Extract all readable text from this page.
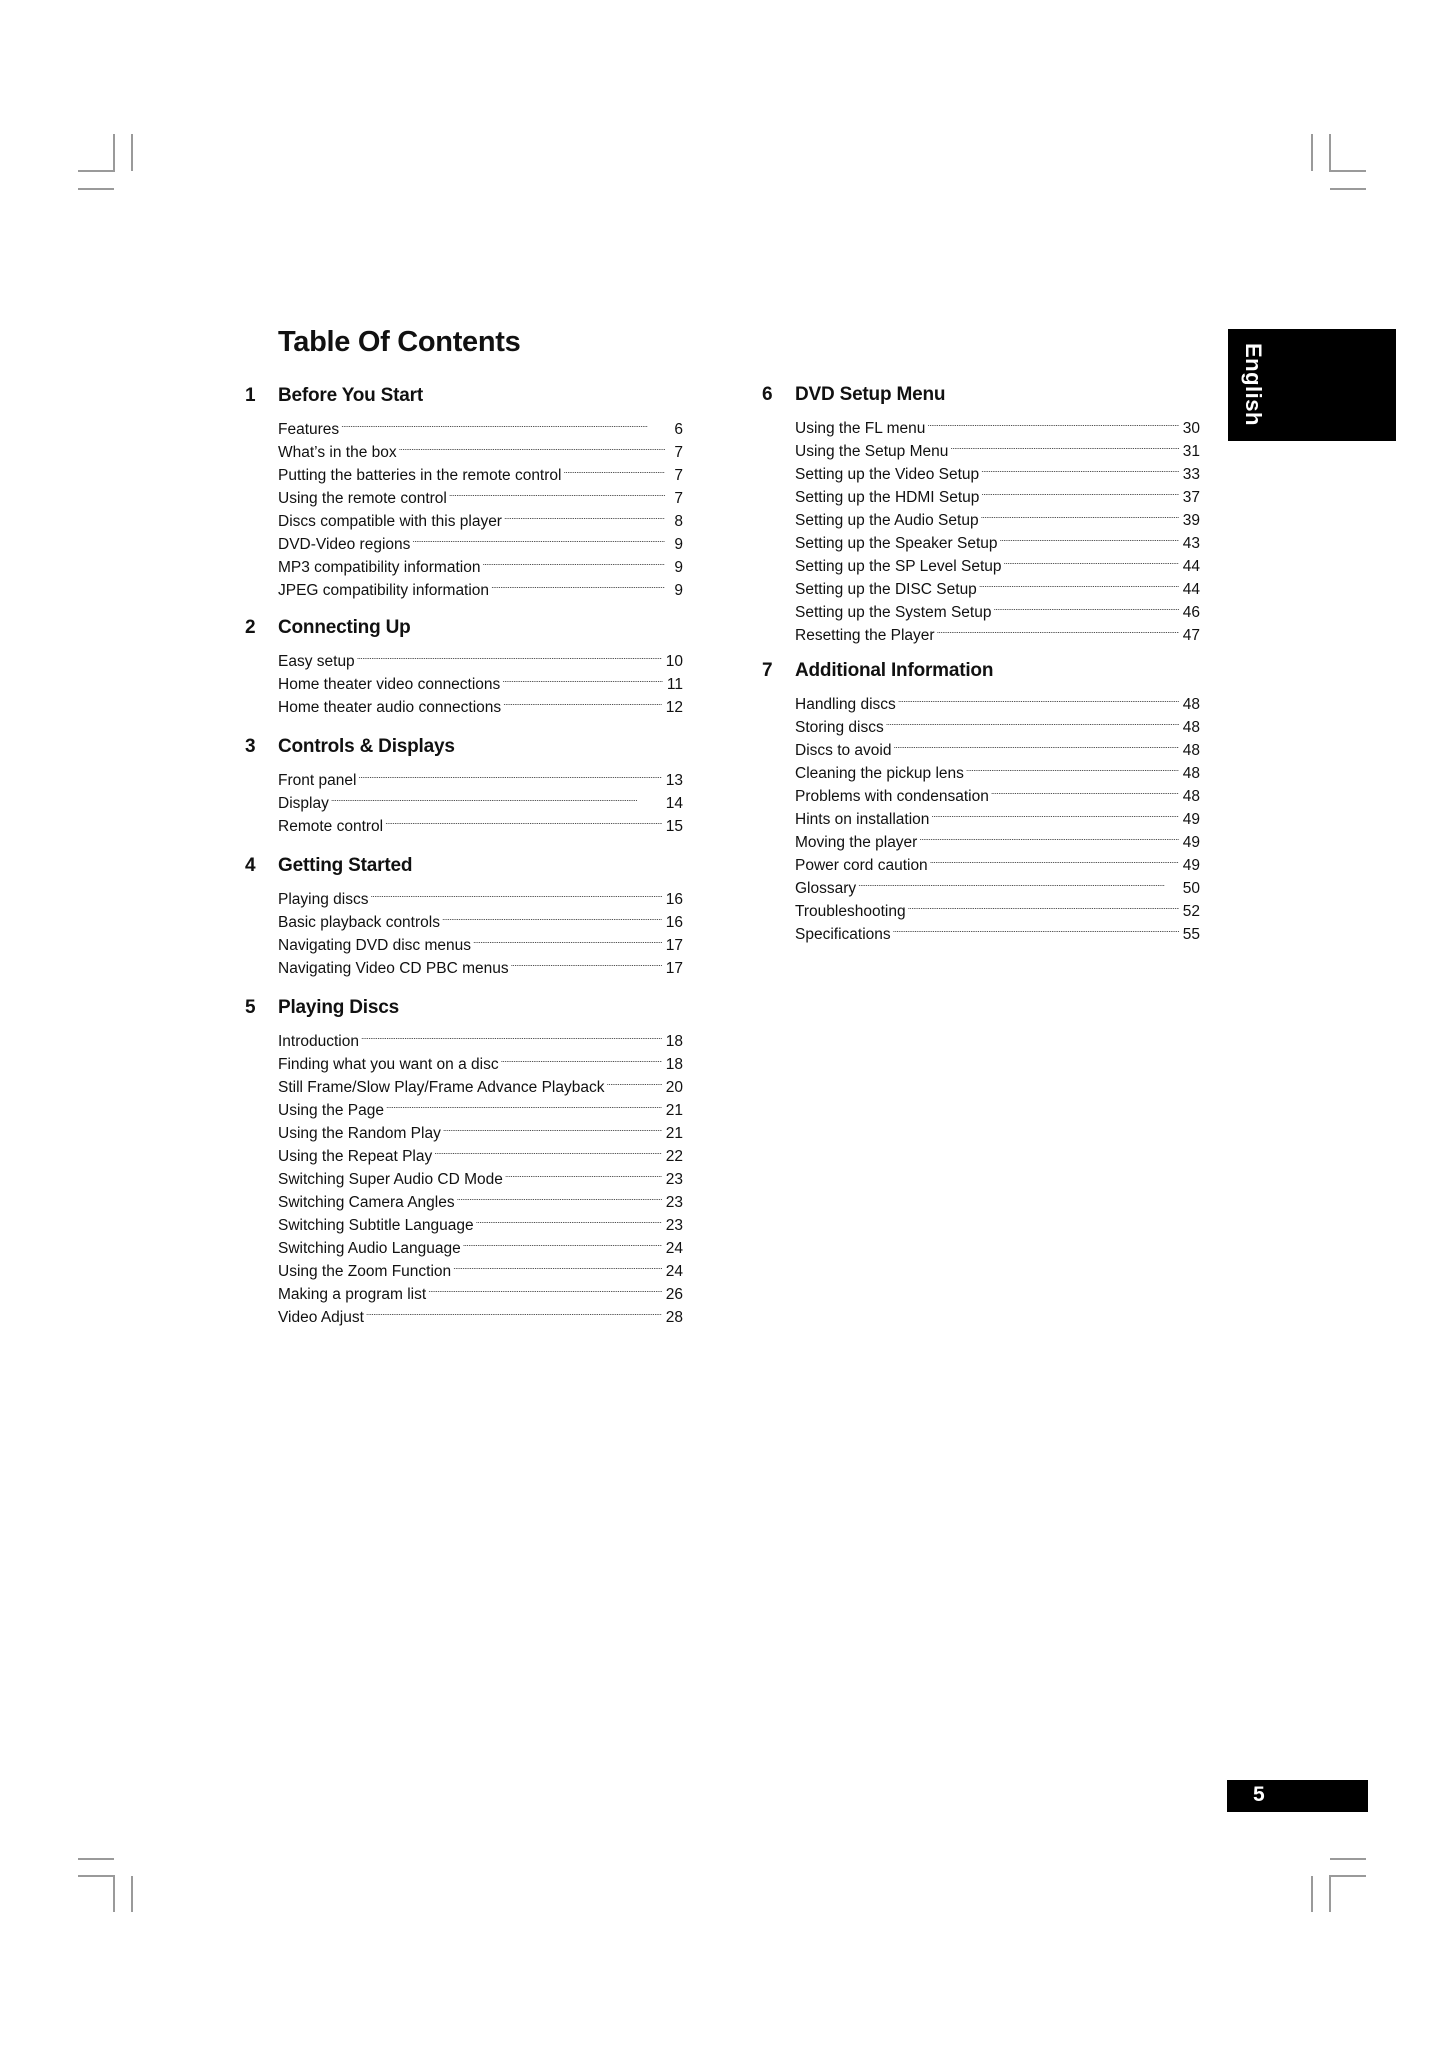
Table Of Contents
1 Before You Start
Features . . .	6
What’s in the box . . .	7
Putting the batteries in the remote control . . .	7
Using the remote control . . .	7
Discs compatible with this player . . .	8
DVD-Video regions . . .	9
MP3 compatibility information . . .	9
JPEG compatibility information . . .	9
2 Connecting Up
Easy setup . . .	10
Home theater video connections . . .	11
Home theater audio connections . . .	12
3 Controls & Displays
Front panel . . .	13
Display . . .	14
Remote control . . .	15
4 Getting Started
Playing discs . . .	16
Basic playback controls . . .	16
Navigating DVD disc menus . . .	17
Navigating Video CD PBC menus . . .	17
5 Playing Discs
Introduction . . .	18
Finding what you want on a disc . . .	18
Still Frame/Slow Play/Frame Advance Playback . . .	20
Using the Page . . .	21
Using the Random Play . . .	21
Using the Repeat Play . . .	22
Switching Super Audio CD Mode . . .	23
Switching Camera Angles . . .	23
Switching Subtitle Language . . .	23
Switching Audio Language . . .	24
Using the Zoom Function . . .	24
Making a program list . . .	26
Video Adjust . . .	28
6 DVD Setup Menu
Using the FL menu . . .	30
Using the Setup Menu . . .	31
Setting up the Video Setup . . .	33
Setting up the HDMI Setup . . .	37
Setting up the Audio Setup . . .	39
Setting up the Speaker Setup . . .	43
Setting up the SP Level Setup . . .	44
Setting up the DISC Setup . . .	44
Setting up the System Setup . . .	46
Resetting the Player . . .	47
7 Additional Information
Handling discs . . .	48
Storing discs . . .	48
Discs to avoid . . .	48
Cleaning the pickup lens . . .	48
Problems with condensation . . .	48
Hints on installation . . .	49
Moving the player . . .	49
Power cord caution . . .	49
Glossary . . .	50
Troubleshooting . . .	52
Specifications . . .	55
English
5
